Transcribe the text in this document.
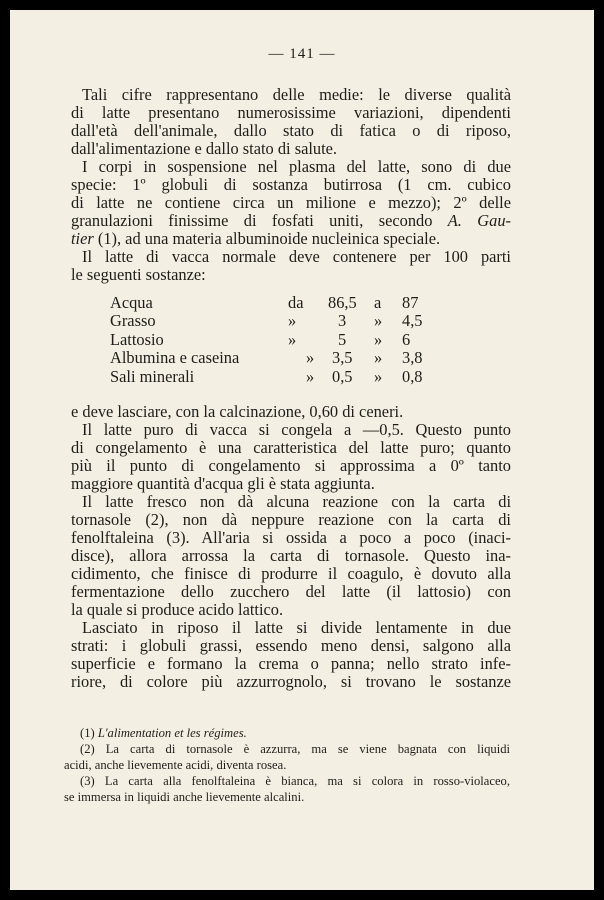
— 141 —
Tali cifre rappresentano delle medie: le diverse qualità
di latte presentano numerosissime variazioni, dipendenti
dall'età dell'animale, dallo stato di fatica o di riposo,
dall'alimentazione e dallo stato di salute.
I corpi in sospensione nel plasma del latte, sono di due
specie: 1º globuli di sostanza butirrosa (1 cm. cubico
di latte ne contiene circa un milione e mezzo); 2º delle
granulazioni finissime di fosfati uniti, secondo A. Gau-
tier (1), ad una materia albuminoide nucleinica speciale.
Il latte di vacca normale deve contenere per 100 parti
le seguenti sostanze:
Acqua	da 86,5 a 87
Grasso	»	3 » 4,5
Lattosio	»	5 » 6
Albumina e caseina	» 3,5 » 3,8
Sali minerali	» 0,5 » 0,8
e deve lasciare, con la calcinazione, 0,60 di ceneri.
Il latte puro di vacca si congela a —0,5. Questo punto
di congelamento è una caratteristica del latte puro; quanto
più il punto di congelamento si approssima a 0º tanto
maggiore quantità d'acqua gli è stata aggiunta.
Il latte fresco non dà alcuna reazione con la carta di
tornasole (2), non dà neppure reazione con la carta di
fenolftaleina (3). All'aria si ossida a poco a poco (inaci-
disce), allora arrossa la carta di tornasole. Questo ina-
cidimento, che finisce di produrre il coagulo, è dovuto alla
fermentazione dello zucchero del latte (il lattosio) con
la quale si produce acido lattico.
Lasciato in riposo il latte si divide lentamente in due
strati: i globuli grassi, essendo meno densi, salgono alla
superficie e formano la crema o panna; nello strato infe-
riore, di colore più azzurrognolo, si trovano le sostanze
(1) L'alimentation et les régimes.
(2) La carta di tornasole è azzurra, ma se viene bagnata con liquidi
acidi, anche lievemente acidi, diventa rosea.
(3) La carta alla fenolftaleina è bianca, ma si colora in rosso-violaceo,
se immersa in liquidi anche lievemente alcalini.
